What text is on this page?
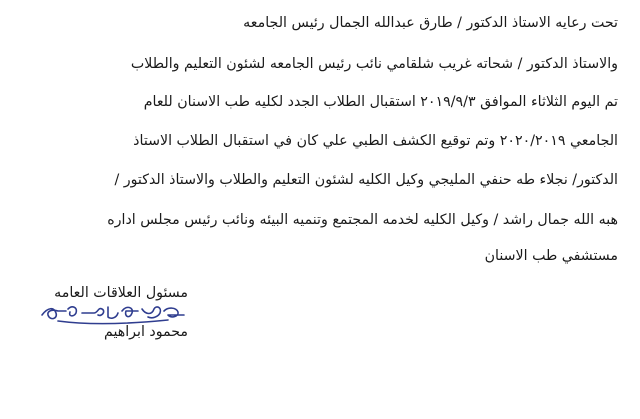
تحت رعايه الاستاذ الدكتور / طارق عبدالله الجمال رئيس الجامعه
والاستاذ الدكتور / شحاته غريب شلقامي نائب رئيس الجامعه لشئون التعليم والطلاب
تم اليوم الثلاثاء الموافق ٢٠١٩/٩/٣ استقبال الطلاب الجدد لكليه طب الاسنان للعام
الجامعي ٢٠٢٠/٢٠١٩ وتم توقيع الكشف الطبي علي كان في استقبال الطلاب الاستاذ
الدكتور/ نجلاء طه حنفي المليجي وكيل الكليه لشئون التعليم والطلاب والاستاذ الدكتور /
هبه الله جمال راشد / وكيل الكليه لخدمه المجتمع وتنميه البيئه ونائب رئيس مجلس اداره
مستشفي طب الاسنان
مسئول العلاقات العامه
محمود ابراهيم
